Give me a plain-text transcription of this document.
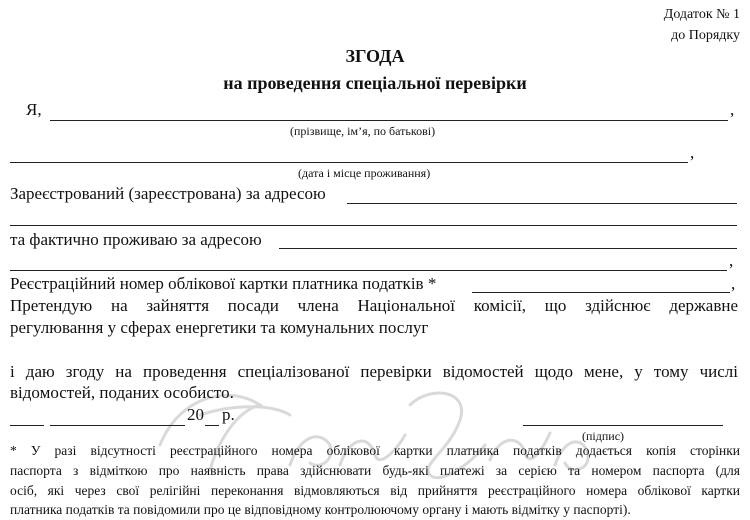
Додаток № 1
до Порядку
ЗГОДА
на проведення спеціальної перевірки
Я,	,
(прізвище, ім’я, по батькові)
,
(дата і місце проживання)
Зареєстрований (зареєстрована) за адресою
та фактично проживаю за адресою
,
Реєстраційний номер облікової картки платника податків *	,
Претендую на зайняття посади члена Національної комісії, що здійснює державне
регулювання у сферах енергетики та комунальних послуг
і даю згоду на проведення спеціалізованої перевірки відомостей щодо мене, у тому числі
відомостей, поданих особисто.
20 р.
(підпис)
* У разі відсутності реєстраційного номера облікової картки платника податків додається копія сторінки
паспорта з відміткою про наявність права здійснювати будь-які платежі за серією та номером паспорта (для
осіб, які через свої релігійні переконання відмовляються від прийняття реєстраційного номера облікової картки
платника податків та повідомили про це відповідному контролюючому органу і мають відмітку у паспорті).
